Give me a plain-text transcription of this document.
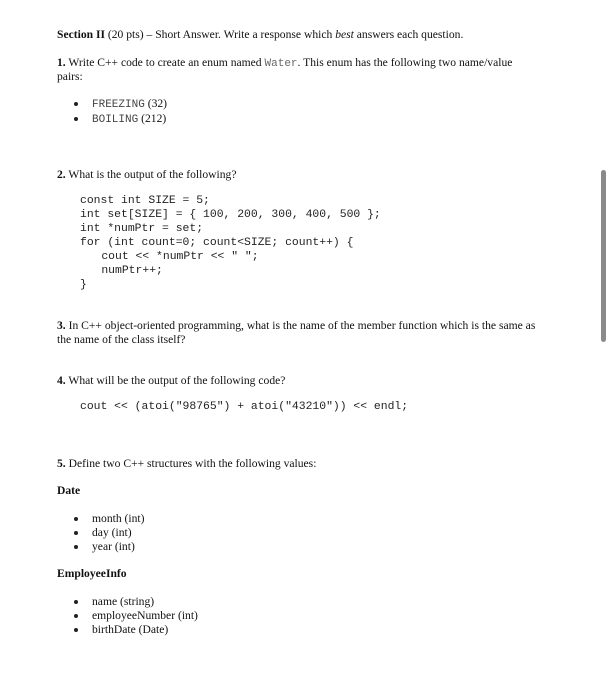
Section II (20 pts) – Short Answer. Write a response which best answers each question.
1. Write C++ code to create an enum named Water. This enum has the following two name/value
pairs:
FREEZING (32)
BOILING (212)
2. What is the output of the following?
const int SIZE = 5;
int set[SIZE] = { 100, 200, 300, 400, 500 };
int *numPtr = set;
for (int count=0; count<SIZE; count++) {
cout << *numPtr << " ";
numPtr++;
}
3. In C++ object-oriented programming, what is the name of the member function which is the same as
the name of the class itself?
4. What will be the output of the following code?
cout << (atoi("98765") + atoi("43210")) << endl;
5. Define two C++ structures with the following values:
Date
month (int)
day (int)
year (int)
EmployeeInfo
name (string)
employeeNumber (int)
birthDate (Date)
